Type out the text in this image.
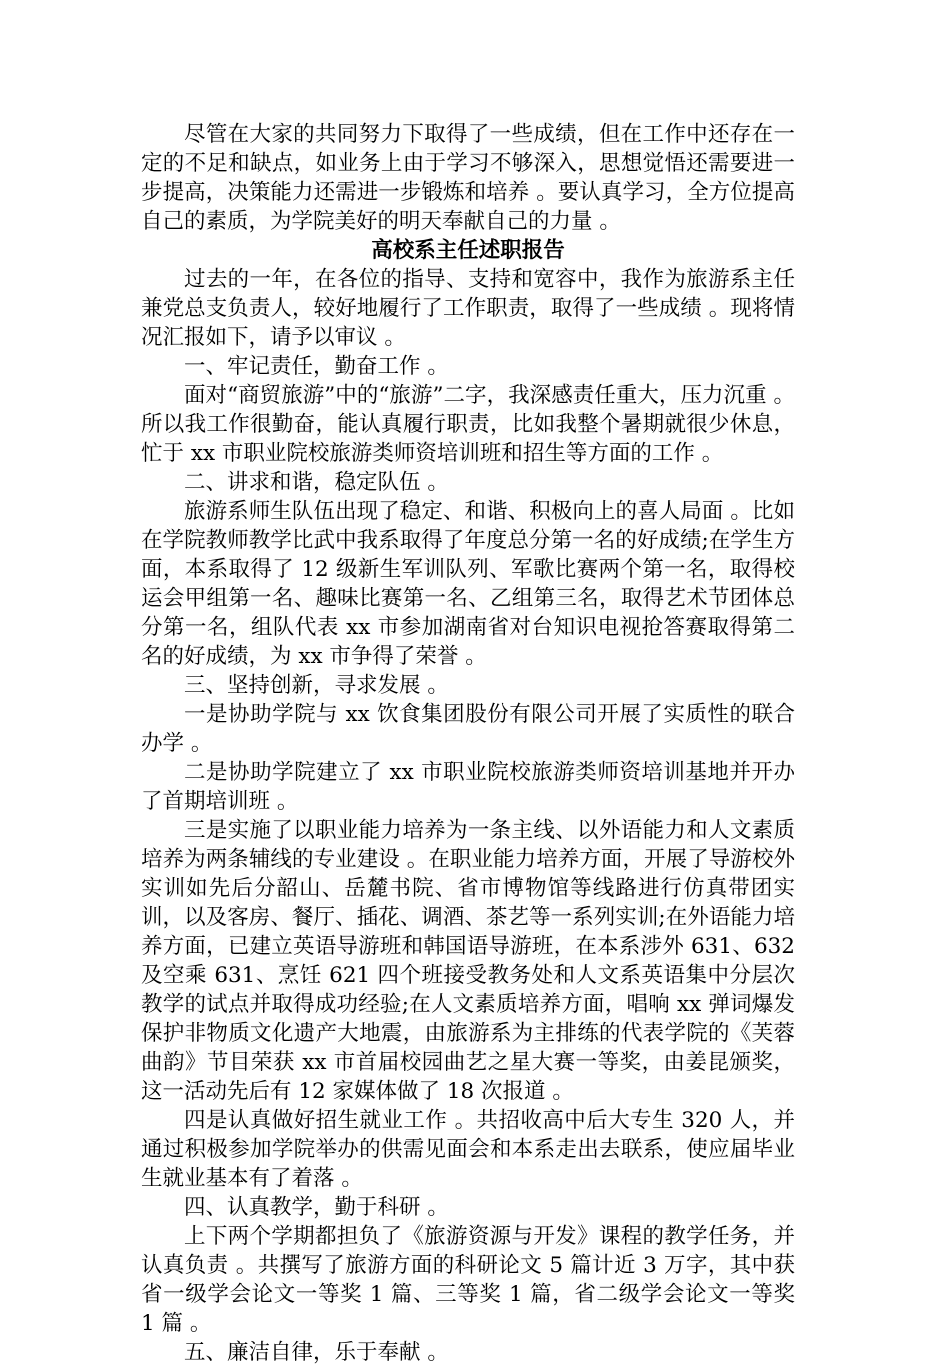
尽管在大家的共同努力下取得了一些成绩，但在工作中还存在一定的不足和缺点，如业务上由于学习不够深入，思想觉悟还需要进一步提高，决策能力还需进一步锻炼和培养 。要认真学习，全方位提高自己的素质，为学院美好的明天奉献自己的力量 。

高校系主任述职报告

过去的一年，在各位的指导、支持和宽容中，我作为旅游系主任兼党总支负责人，较好地履行了工作职责，取得了一些成绩 。现将情况汇报如下，请予以审议 。

一、牢记责任，勤奋工作 。

面对“商贸旅游”中的“旅游”二字，我深感责任重大，压力沉重 。所以我工作很勤奋，能认真履行职责，比如我整个暑期就很少休息，忙于 xx 市职业院校旅游类师资培训班和招生等方面的工作 。

二、讲求和谐，稳定队伍 。

旅游系师生队伍出现了稳定、和谐、积极向上的喜人局面 。比如在学院教师教学比武中我系取得了年度总分第一名的好成绩;在学生方面，本系取得了 12 级新生军训队列、军歌比赛两个第一名，取得校运会甲组第一名、趣味比赛第一名、乙组第三名，取得艺术节团体总分第一名，组队代表 xx 市参加湖南省对台知识电视抢答赛取得第二名的好成绩，为 xx 市争得了荣誉 。

三、坚持创新，寻求发展 。

一是协助学院与 xx 饮食集团股份有限公司开展了实质性的联合办学 。

二是协助学院建立了 xx 市职业院校旅游类师资培训基地并开办了首期培训班 。

三是实施了以职业能力培养为一条主线、以外语能力和人文素质培养为两条辅线的专业建设 。在职业能力培养方面，开展了导游校外实训如先后分韶山、岳麓书院、省市博物馆等线路进行仿真带团实训，以及客房、餐厅、插花、调酒、茶艺等一系列实训;在外语能力培养方面，已建立英语导游班和韩国语导游班，在本系涉外 631、632 及空乘 631、烹饪 621 四个班接受教务处和人文系英语集中分层次教学的试点并取得成功经验;在人文素质培养方面，唱响 xx 弹词爆发保护非物质文化遗产大地震，由旅游系为主排练的代表学院的《芙蓉曲韵》节目荣获 xx 市首届校园曲艺之星大赛一等奖，由姜昆颁奖，这一活动先后有 12 家媒体做了 18 次报道 。

四是认真做好招生就业工作 。共招收高中后大专生 320 人，并通过积极参加学院举办的供需见面会和本系走出去联系，使应届毕业生就业基本有了着落 。

四、认真教学，勤于科研 。

上下两个学期都担负了《旅游资源与开发》课程的教学任务，并认真负责 。共撰写了旅游方面的科研论文 5 篇计近 3 万字，其中获省一级学会论文一等奖 1 篇、三等奖 1 篇，省二级学会论文一等奖 1 篇 。

五、廉洁自律，乐于奉献 。
